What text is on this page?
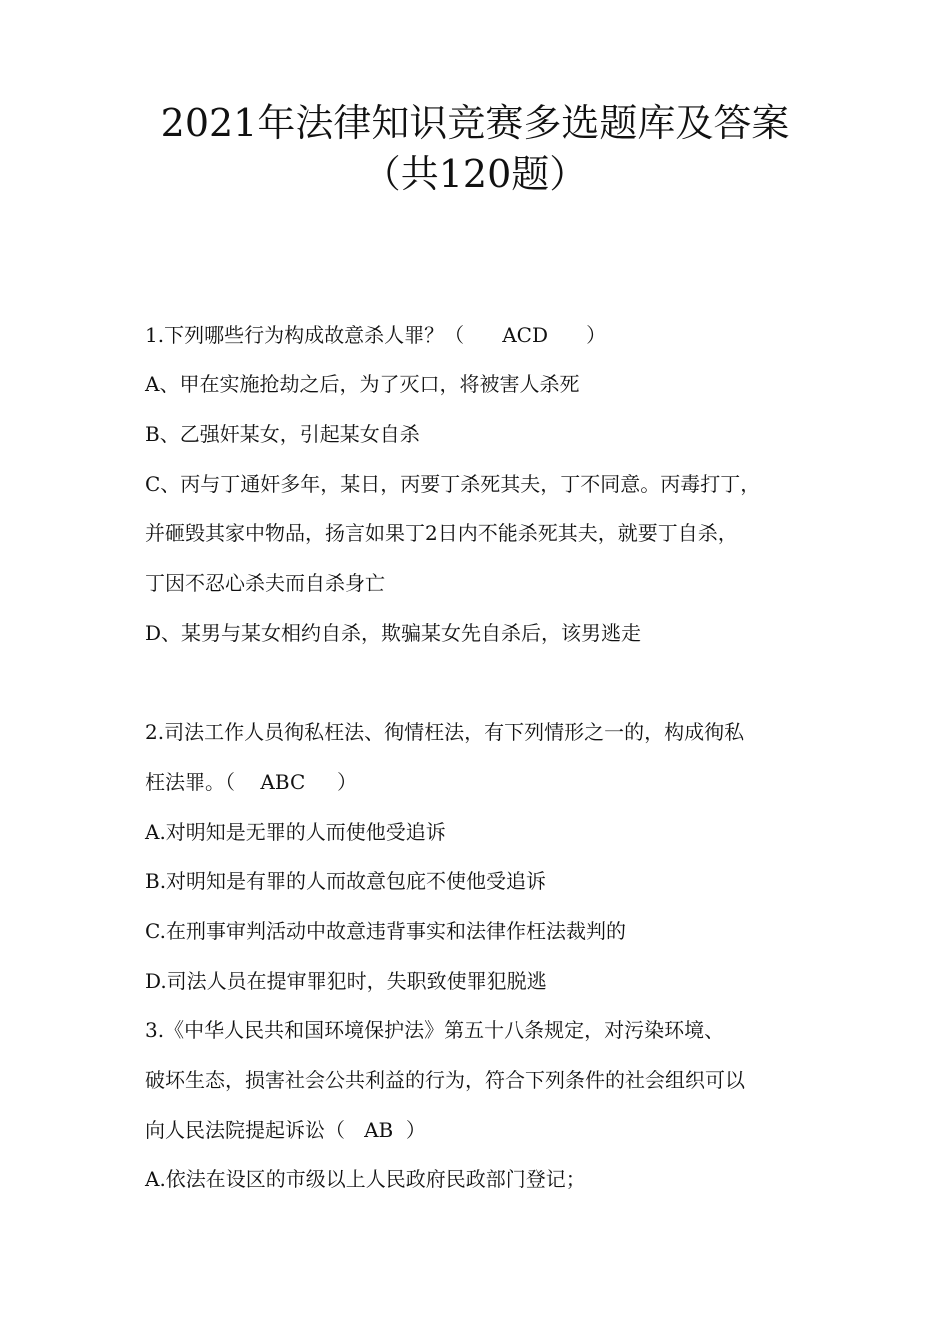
2021年法律知识竞赛多选题库及答案
（共120题）
1.下列哪些行为构成故意杀人罪？（      ACD      ）
A、甲在实施抢劫之后，为了灭口，将被害人杀死
B、乙强奸某女，引起某女自杀
C、丙与丁通奸多年，某日，丙要丁杀死其夫，丁不同意。丙毒打丁，
并砸毁其家中物品，扬言如果丁2日内不能杀死其夫，就要丁自杀，
丁因不忍心杀夫而自杀身亡
D、某男与某女相约自杀，欺骗某女先自杀后，该男逃走
2.司法工作人员徇私枉法、徇情枉法，有下列情形之一的，构成徇私
枉法罪。（    ABC     ）
A.对明知是无罪的人而使他受追诉
B.对明知是有罪的人而故意包庇不使他受追诉
C.在刑事审判活动中故意违背事实和法律作枉法裁判的
D.司法人员在提审罪犯时，失职致使罪犯脱逃
3.《中华人民共和国环境保护法》第五十八条规定，对污染环境、
破坏生态，损害社会公共利益的行为，符合下列条件的社会组织可以
向人民法院提起诉讼（   AB  ）
A.依法在设区的市级以上人民政府民政部门登记；
